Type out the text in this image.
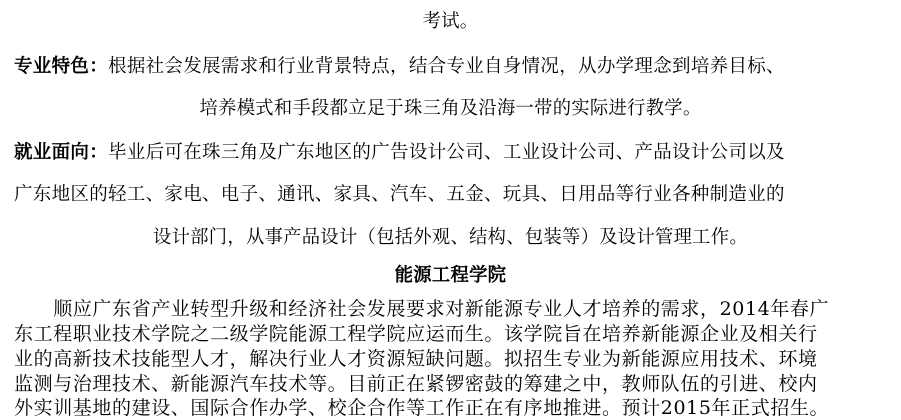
考试。
专业特色：根据社会发展需求和行业背景特点，结合专业自身情况，从办学理念到培养目标、
培养模式和手段都立足于珠三角及沿海一带的实际进行教学。
就业面向：毕业后可在珠三角及广东地区的广告设计公司、工业设计公司、产品设计公司以及
广东地区的轻工、家电、电子、通讯、家具、汽车、五金、玩具、日用品等行业各种制造业的
设计部门，从事产品设计（包括外观、结构、包装等）及设计管理工作。
能源工程学院
　　顺应广东省产业转型升级和经济社会发展要求对新能源专业人才培养的需求，2014年春广
东工程职业技术学院之二级学院能源工程学院应运而生。该学院旨在培养新能源企业及相关行
业的高新技术技能型人才，解决行业人才资源短缺问题。拟招生专业为新能源应用技术、环境
监测与治理技术、新能源汽车技术等。目前正在紧锣密鼓的筹建之中，教师队伍的引进、校内
外实训基地的建设、国际合作办学、校企合作等工作正在有序地推进。预计2015年正式招生。
